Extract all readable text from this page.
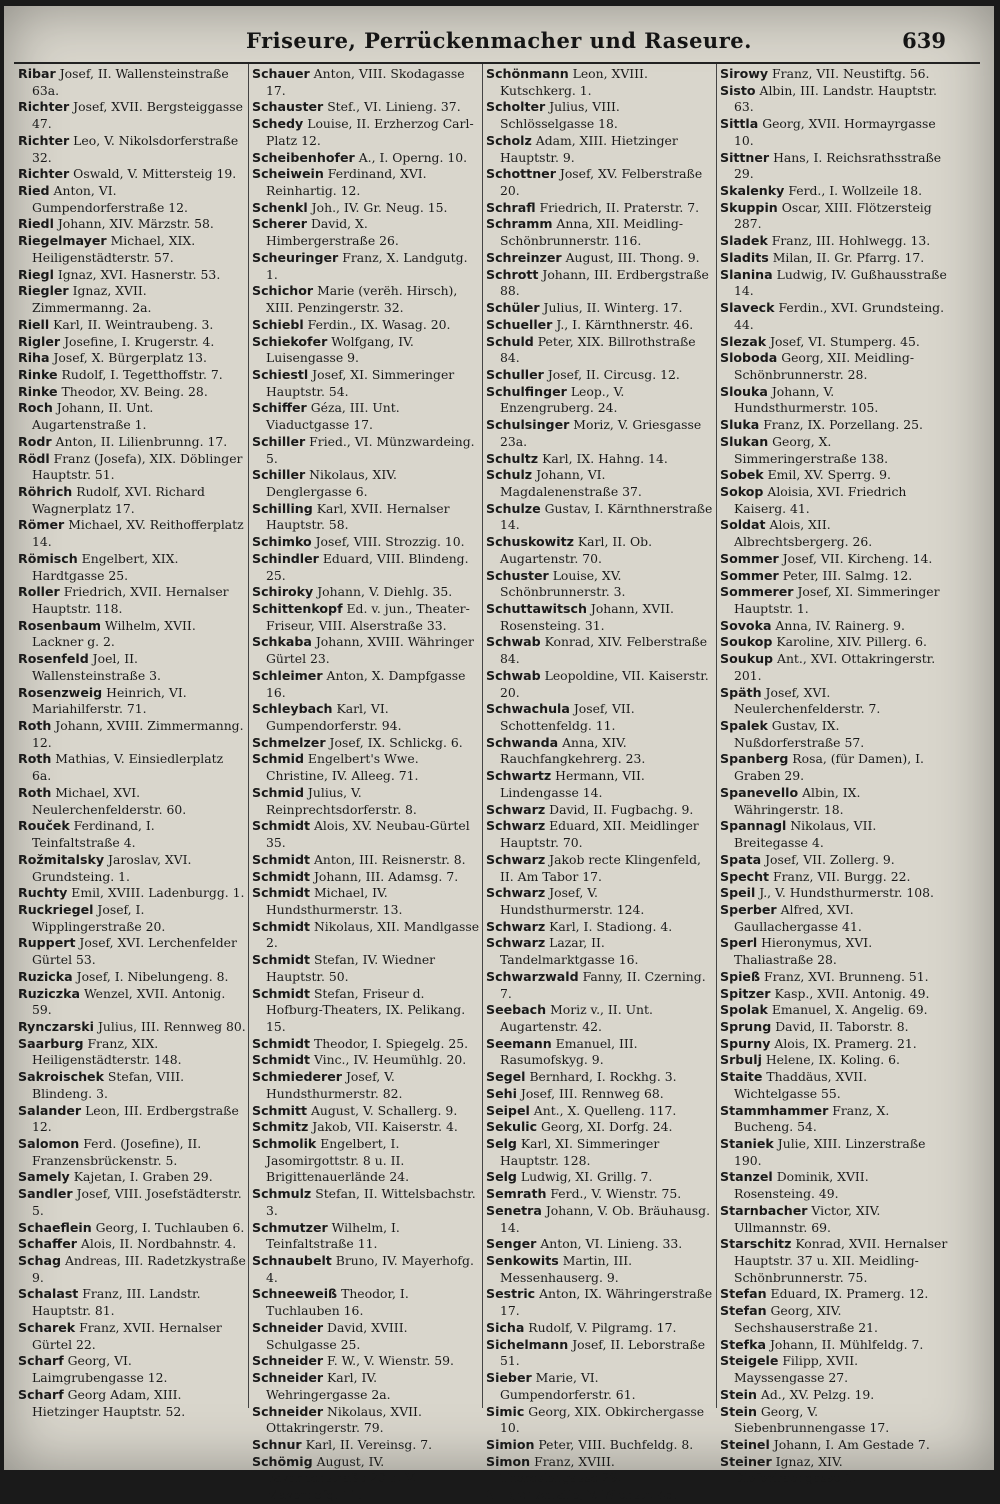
Friseure, Perrückenmacher und Raseure.	639
Ribar Josef, II. Wallensteinstraße 63a.
Richter Josef, XVII. Bergsteiggasse 47.
Richter Leo, V. Nikolsdorferstraße 32.
Richter Oswald, V. Mittersteig 19.
Ried Anton, VI. Gumpendorferstraße 12.
Riedl Johann, XIV. Märzstr. 58.
Riegelmayer Michael, XIX. Heiligenstädterstr. 57.
Riegl Ignaz, XVI. Hasnerstr. 53.
Riegler Ignaz, XVII. Zimmermanng. 2a.
Riell Karl, II. Weintraubeng. 3.
Rigler Josefine, I. Krugerstr. 4.
Riha Josef, X. Bürgerplatz 13.
Rinke Rudolf, I. Tegetthoffstr. 7.
Rinke Theodor, XV. Being. 28.
Roch Johann, II. Unt. Augartenstraße 1.
Rodr Anton, II. Lilienbrunng. 17.
Rödl Franz (Josefa), XIX. Döblinger Hauptstr. 51.
Röhrich Rudolf, XVI. Richard Wagnerplatz 17.
Römer Michael, XV. Reithofferplatz 14.
Römisch Engelbert, XIX. Hardtgasse 25.
Roller Friedrich, XVII. Hernalser Hauptstr. 118.
Rosenbaum Wilhelm, XVII. Lackner g. 2.
Rosenfeld Joel, II. Wallensteinstraße 3.
Rosenzweig Heinrich, VI. Mariahilferstr. 71.
Roth Johann, XVIII. Zimmermanng. 12.
Roth Mathias, V. Einsiedlerplatz 6a.
Roth Michael, XVI. Neulerchenfelderstr. 60.
Rouček Ferdinand, I. Teinfaltstraße 4.
Rožmitalsky Jaroslav, XVI. Grundsteing. 1.
Ruchty Emil, XVIII. Ladenburgg. 1.
Ruckriegel Josef, I. Wipplingerstraße 20.
Ruppert Josef, XVI. Lerchenfelder Gürtel 53.
Ruzicka Josef, I. Nibelungeng. 8.
Ruziczka Wenzel, XVII. Antonig. 59.
Rynczarski Julius, III. Rennweg 80.
Saarburg Franz, XIX. Heiligenstädterstr. 148.
Sakroischek Stefan, VIII. Blindeng. 3.
Salander Leon, III. Erdbergstraße 12.
Salomon Ferd. (Josefine), II. Franzensbrückenstr. 5.
Samely Kajetan, I. Graben 29.
Sandler Josef, VIII. Josefstädterstr. 5.
Schaeflein Georg, I. Tuchlauben 6.
Schaffer Alois, II. Nordbahnstr. 4.
Schag Andreas, III. Radetzkystraße 9.
Schalast Franz, III. Landstr. Hauptstr. 81.
Scharek Franz, XVII. Hernalser Gürtel 22.
Scharf Georg, VI. Laimgrubengasse 12.
Scharf Georg Adam, XIII. Hietzinger Hauptstr. 52.
Schauer Anton, VIII. Skodagasse 17.
Schauster Stef., VI. Linieng. 37.
Schedy Louise, II. Erzherzog Carl-Platz 12.
Scheibenhofer A., I. Operng. 10.
Scheiwein Ferdinand, XVI. Reinhartig. 12.
Schenkl Joh., IV. Gr. Neug. 15.
Scherer David, X. Himbergerstraße 26.
Scheuringer Franz, X. Landgutg. 1.
Schichor Marie (verëh. Hirsch), XIII. Penzingerstr. 32.
Schiebl Ferdin., IX. Wasag. 20.
Schiekofer Wolfgang, IV. Luisengasse 9.
Schiestl Josef, XI. Simmeringer Hauptstr. 54.
Schiffer Géza, III. Unt. Viaductgasse 17.
Schiller Fried., VI. Münzwardeing. 5.
Schiller Nikolaus, XIV. Denglergasse 6.
Schilling Karl, XVII. Hernalser Hauptstr. 58.
Schimko Josef, VIII. Strozzig. 10.
Schindler Eduard, VIII. Blindeng. 25.
Schiroky Johann, V. Diehlg. 35.
Schittenkopf Ed. v. jun., Theater-Friseur, VIII. Alserstraße 33.
Schkaba Johann, XVIII. Währinger Gürtel 23.
Schleimer Anton, X. Dampfgasse 16.
Schleybach Karl, VI. Gumpendorferstr. 94.
Schmelzer Josef, IX. Schlickg. 6.
Schmid Engelbert's Wwe. Christine, IV. Alleeg. 71.
Schmid Julius, V. Reinprechtsdorferstr. 8.
Schmidt Alois, XV. Neubau-Gürtel 35.
Schmidt Anton, III. Reisnerstr. 8.
Schmidt Johann, III. Adamsg. 7.
Schmidt Michael, IV. Hundsthurmerstr. 13.
Schmidt Nikolaus, XII. Mandlgasse 2.
Schmidt Stefan, IV. Wiedner Hauptstr. 50.
Schmidt Stefan, Friseur d. Hofburg-Theaters, IX. Pelikang. 15.
Schmidt Theodor, I. Spiegelg. 25.
Schmidt Vinc., IV. Heumühlg. 20.
Schmiederer Josef, V. Hundsthurmerstr. 82.
Schmitt August, V. Schallerg. 9.
Schmitz Jakob, VII. Kaiserstr. 4.
Schmolik Engelbert, I. Jasomirgottstr. 8 u. II. Brigittenauerlände 24.
Schmulz Stefan, II. Wittelsbachstr. 3.
Schmutzer Wilhelm, I. Teinfaltstraße 11.
Schnaubelt Bruno, IV. Mayerhofg. 4.
Schneeweiß Theodor, I. Tuchlauben 16.
Schneider David, XVIII. Schulgasse 25.
Schneider F. W., V. Wienstr. 59.
Schneider Karl, IV. Wehringergasse 2a.
Schneider Nikolaus, XVII. Ottakringerstr. 79.
Schnur Karl, II. Vereinsg. 7.
Schömig August, IV. Favoritenstraße 20 u. V. Mayerhofg. 11.
Schönmann Leon, XVIII. Kutschkerg. 1.
Scholter Julius, VIII. Schlösselgasse 18.
Scholz Adam, XIII. Hietzinger Hauptstr. 9.
Schottner Josef, XV. Felberstraße 20.
Schrafl Friedrich, II. Praterstr. 7.
Schramm Anna, XII. Meidling-Schönbrunnerstr. 116.
Schreinzer August, III. Thong. 9.
Schrott Johann, III. Erdbergstraße 88.
Schüler Julius, II. Winterg. 17.
Schueller J., I. Kärnthnerstr. 46.
Schuld Peter, XIX. Billrothstraße 84.
Schuller Josef, II. Circusg. 12.
Schulfinger Leop., V. Enzengruberg. 24.
Schulsinger Moriz, V. Griesgasse 23a.
Schultz Karl, IX. Hahng. 14.
Schulz Johann, VI. Magdalenenstraße 37.
Schulze Gustav, I. Kärnthnerstraße 14.
Schuskowitz Karl, II. Ob. Augartenstr. 70.
Schuster Louise, XV. Schönbrunnerstr. 3.
Schuttawitsch Johann, XVII. Rosensteing. 31.
Schwab Konrad, XIV. Felberstraße 84.
Schwab Leopoldine, VII. Kaiserstr. 20.
Schwachula Josef, VII. Schottenfeldg. 11.
Schwanda Anna, XIV. Rauchfangkehrerg. 23.
Schwartz Hermann, VII. Lindengasse 14.
Schwarz David, II. Fugbachg. 9.
Schwarz Eduard, XII. Meidlinger Hauptstr. 70.
Schwarz Jakob recte Klingenfeld, II. Am Tabor 17.
Schwarz Josef, V. Hundsthurmerstr. 124.
Schwarz Karl, I. Stadiong. 4.
Schwarz Lazar, II. Tandelmarktgasse 16.
Schwarzwald Fanny, II. Czerning. 7.
Seebach Moriz v., II. Unt. Augartenstr. 42.
Seemann Emanuel, III. Rasumofskyg. 9.
Segel Bernhard, I. Rockhg. 3.
Sehi Josef, III. Rennweg 68.
Seipel Ant., X. Quelleng. 117.
Sekulic Georg, XI. Dorfg. 24.
Selg Karl, XI. Simmeringer Hauptstr. 128.
Selg Ludwig, XI. Grillg. 7.
Semrath Ferd., V. Wienstr. 75.
Senetra Johann, V. Ob. Bräuhausg. 14.
Senger Anton, VI. Linieng. 33.
Senkowits Martin, III. Messenhauserg. 9.
Sestric Anton, IX. Währingerstraße 17.
Sicha Rudolf, V. Pilgramg. 17.
Sichelmann Josef, II. Leborstraße 51.
Sieber Marie, VI. Gumpendorferstr. 61.
Simic Georg, XIX. Obkirchergasse 10.
Simion Peter, VIII. Buchfeldg. 8.
Simon Franz, XVIII. Theresiengasse 29.
Singer Amalie, V. Wienstr. 45.
Sirowy Franz, VII. Neustiftg. 56.
Sisto Albin, III. Landstr. Hauptstr. 63.
Sittla Georg, XVII. Hormayrgasse 10.
Sittner Hans, I. Reichsrathsstraße 29.
Skalenky Ferd., I. Wollzeile 18.
Skuppin Oscar, XIII. Flötzersteig 287.
Sladek Franz, III. Hohlwegg. 13.
Sladits Milan, II. Gr. Pfarrg. 17.
Slanina Ludwig, IV. Gußhausstraße 14.
Slaveck Ferdin., XVI. Grundsteing. 44.
Slezak Josef, VI. Stumperg. 45.
Sloboda Georg, XII. Meidling-Schönbrunnerstr. 28.
Slouka Johann, V. Hundsthurmerstr. 105.
Sluka Franz, IX. Porzellang. 25.
Slukan Georg, X. Simmeringerstraße 138.
Sobek Emil, XV. Sperrg. 9.
Sokop Aloisia, XVI. Friedrich Kaiserg. 41.
Soldat Alois, XII. Albrechtsbergerg. 26.
Sommer Josef, VII. Kircheng. 14.
Sommer Peter, III. Salmg. 12.
Sommerer Josef, XI. Simmeringer Hauptstr. 1.
Sovoka Anna, IV. Rainerg. 9.
Soukop Karoline, XIV. Pillerg. 6.
Soukup Ant., XVI. Ottakringerstr. 201.
Späth Josef, XVI. Neulerchenfelderstr. 7.
Spalek Gustav, IX. Nußdorferstraße 57.
Spanberg Rosa, (für Damen), I. Graben 29.
Spanevello Albin, IX. Währingerstr. 18.
Spannagl Nikolaus, VII. Breitegasse 4.
Spata Josef, VII. Zollerg. 9.
Specht Franz, VII. Burgg. 22.
Speil J., V. Hundsthurmerstr. 108.
Sperber Alfred, XVI. Gaullachergasse 41.
Sperl Hieronymus, XVI. Thaliastraße 28.
Spieß Franz, XVI. Brunneng. 51.
Spitzer Kasp., XVII. Antonig. 49.
Spolak Emanuel, X. Angelig. 69.
Sprung David, II. Taborstr. 8.
Spurny Alois, IX. Pramerg. 21.
Srbulj Helene, IX. Koling. 6.
Staite Thaddäus, XVII. Wichtelgasse 55.
Stammhammer Franz, X. Bucheng. 54.
Staniek Julie, XIII. Linzerstraße 190.
Stanzel Dominik, XVII. Rosensteing. 49.
Starnbacher Victor, XIV. Ullmannstr. 69.
Starschitz Konrad, XVII. Hernalser Hauptstr. 37 u. XII. Meidling-Schönbrunnerstr. 75.
Stefan Eduard, IX. Pramerg. 12.
Stefan Georg, XIV. Sechshauserstraße 21.
Stefka Johann, II. Mühlfeldg. 7.
Steigele Filipp, XVII. Mayssengasse 27.
Stein Ad., XV. Pelzg. 19.
Stein Georg, V. Siebenbrunnengasse 17.
Steinel Johann, I. Am Gestade 7.
Steiner Ignaz, XIV. Diefenbachgasse 1.
